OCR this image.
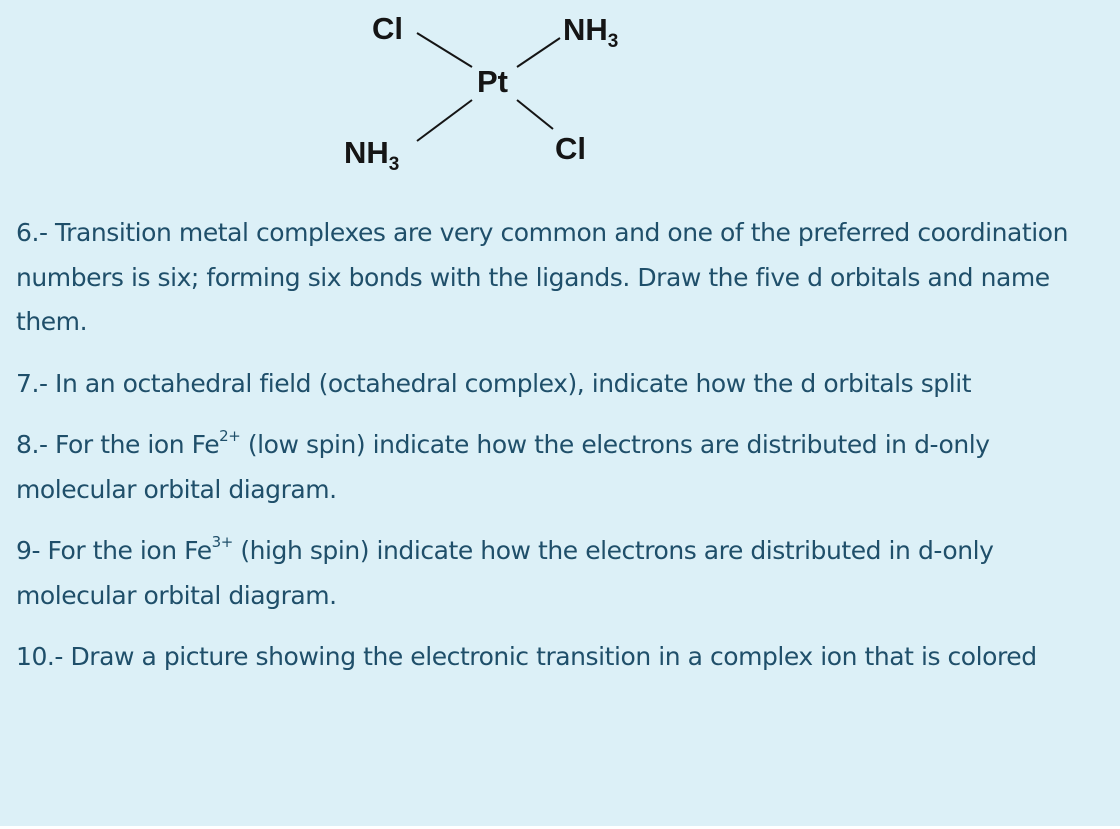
Cl	$NH_3$
Pt
$NH_3$	Cl

6.- Transition metal complexes are very common and one of the preferred coordination numbers is six; forming six bonds with the ligands. Draw the five d orbitals and name them.

7.- In an octahedral field (octahedral complex), indicate how the d orbitals split

8.- For the ion $Fe^{2+}$ (low spin) indicate how the electrons are distributed in d-only molecular orbital diagram.

9- For the ion $Fe^{3+}$ (high spin) indicate how the electrons are distributed in d-only molecular orbital diagram.

10.- Draw a picture showing the electronic transition in a complex ion that is colored
